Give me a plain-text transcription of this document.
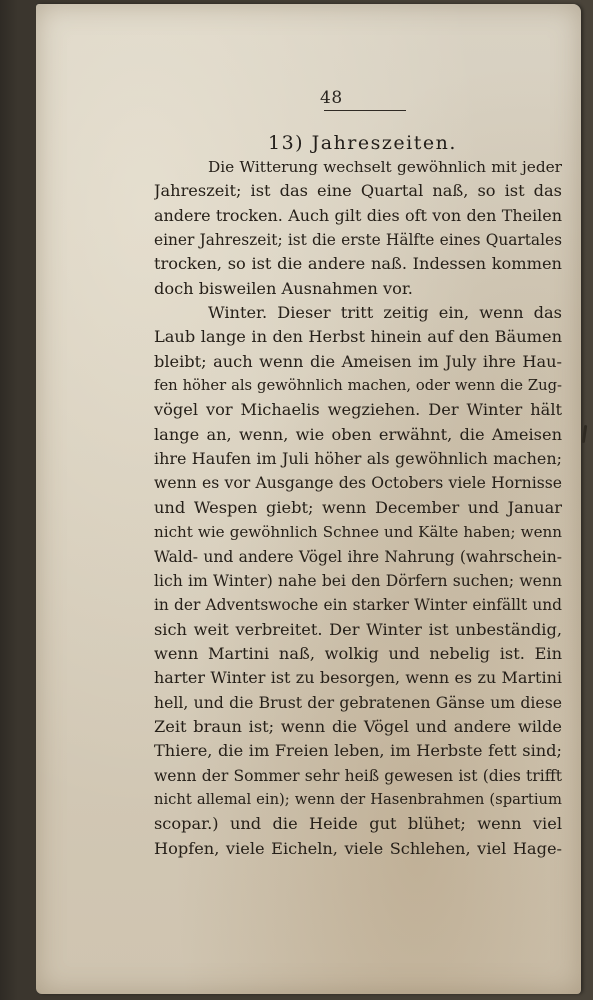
48
13) Jahreszeiten.
Die Witterung wechselt gewöhnlich mit jeder
Jahreszeit; ist das eine Quartal naß, so ist das
andere trocken. Auch gilt dies oft von den Theilen
einer Jahreszeit; ist die erste Hälfte eines Quartales
trocken, so ist die andere naß. Indessen kommen
doch bisweilen Ausnahmen vor.
Winter. Dieser tritt zeitig ein, wenn das
Laub lange in den Herbst hinein auf den Bäumen
bleibt; auch wenn die Ameisen im July ihre Hau-
fen höher als gewöhnlich machen, oder wenn die Zug-
vögel vor Michaelis wegziehen. Der Winter hält
lange an, wenn, wie oben erwähnt, die Ameisen
ihre Haufen im Juli höher als gewöhnlich machen;
wenn es vor Ausgange des Octobers viele Hornisse
und Wespen giebt; wenn December und Januar
nicht wie gewöhnlich Schnee und Kälte haben; wenn
Wald- und andere Vögel ihre Nahrung (wahrschein-
lich im Winter) nahe bei den Dörfern suchen; wenn
in der Adventswoche ein starker Winter einfällt und
sich weit verbreitet. Der Winter ist unbeständig,
wenn Martini naß, wolkig und nebelig ist. Ein
harter Winter ist zu besorgen, wenn es zu Martini
hell, und die Brust der gebratenen Gänse um diese
Zeit braun ist; wenn die Vögel und andere wilde
Thiere, die im Freien leben, im Herbste fett sind;
wenn der Sommer sehr heiß gewesen ist (dies trifft
nicht allemal ein); wenn der Hasenbrahmen (spartium
scopar.) und die Heide gut blühet; wenn viel
Hopfen, viele Eicheln, viele Schlehen, viel Hage-
